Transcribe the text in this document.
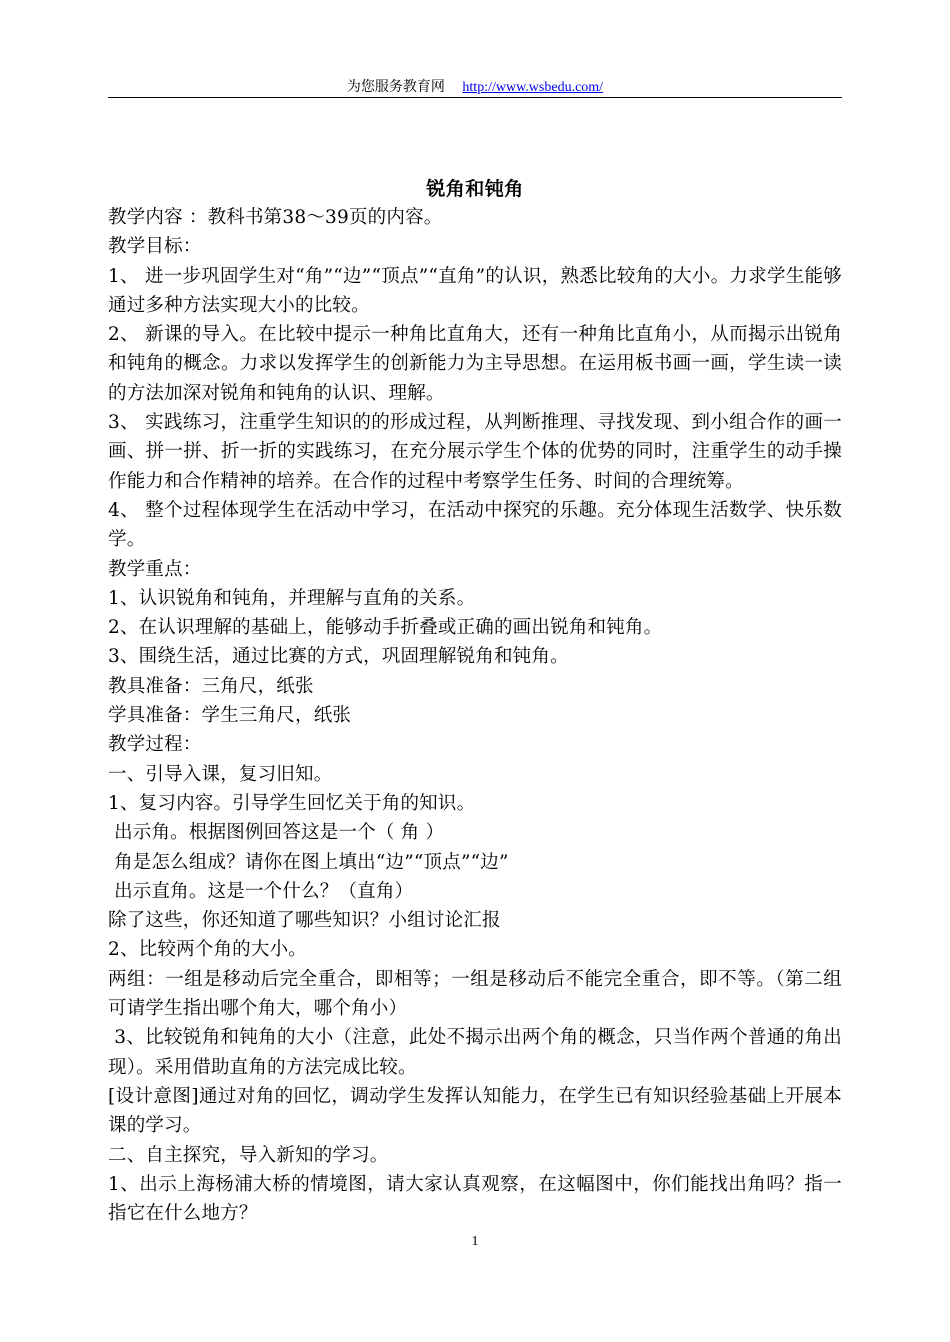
为您服务教育网 http://www.wsbedu.com/
锐角和钝角

教学内容 ：教科书第38～39页的内容。

教学目标：

1、 进一步巩固学生对“角”“边”“顶点”“直角”的认识，熟悉比较角的大小。力求学生能够通过多种方法实现大小的比较。

2、 新课的导入。在比较中提示一种角比直角大，还有一种角比直角小，从而揭示出锐角和钝角的概念。力求以发挥学生的创新能力为主导思想。在运用板书画一画，学生读一读的方法加深对锐角和钝角的认识、理解。

3、 实践练习，注重学生知识的的形成过程，从判断推理、寻找发现、到小组合作的画一画、拼一拼、折一折的实践练习，在充分展示学生个体的优势的同时，注重学生的动手操作能力和合作精神的培养。在合作的过程中考察学生任务、时间的合理统筹。

4、 整个过程体现学生在活动中学习，在活动中探究的乐趣。充分体现生活数学、快乐数学。

教学重点：

1、认识锐角和钝角，并理解与直角的关系。

2、在认识理解的基础上，能够动手折叠或正确的画出锐角和钝角。

3、围绕生活，通过比赛的方式，巩固理解锐角和钝角。

教具准备：三角尺，纸张

学具准备：学生三角尺，纸张

教学过程：

一、引导入课，复习旧知。

1、复习内容。引导学生回忆关于角的知识。

出示角。根据图例回答这是一个（ 角 ）

角是怎么组成？请你在图上填出“边”“顶点”“边”

出示直角。这是一个什么？（直角）

除了这些，你还知道了哪些知识？小组讨论汇报

2、比较两个角的大小。

两组：一组是移动后完全重合，即相等；一组是移动后不能完全重合，即不等。（第二组可请学生指出哪个角大，哪个角小）

3、比较锐角和钝角的大小（注意，此处不揭示出两个角的概念，只当作两个普通的角出现）。采用借助直角的方法完成比较。

[设计意图]通过对角的回忆，调动学生发挥认知能力，在学生已有知识经验基础上开展本课的学习。

二、自主探究，导入新知的学习。

1、出示上海杨浦大桥的情境图，请大家认真观察，在这幅图中，你们能找出角吗？指一指它在什么地方？

1
